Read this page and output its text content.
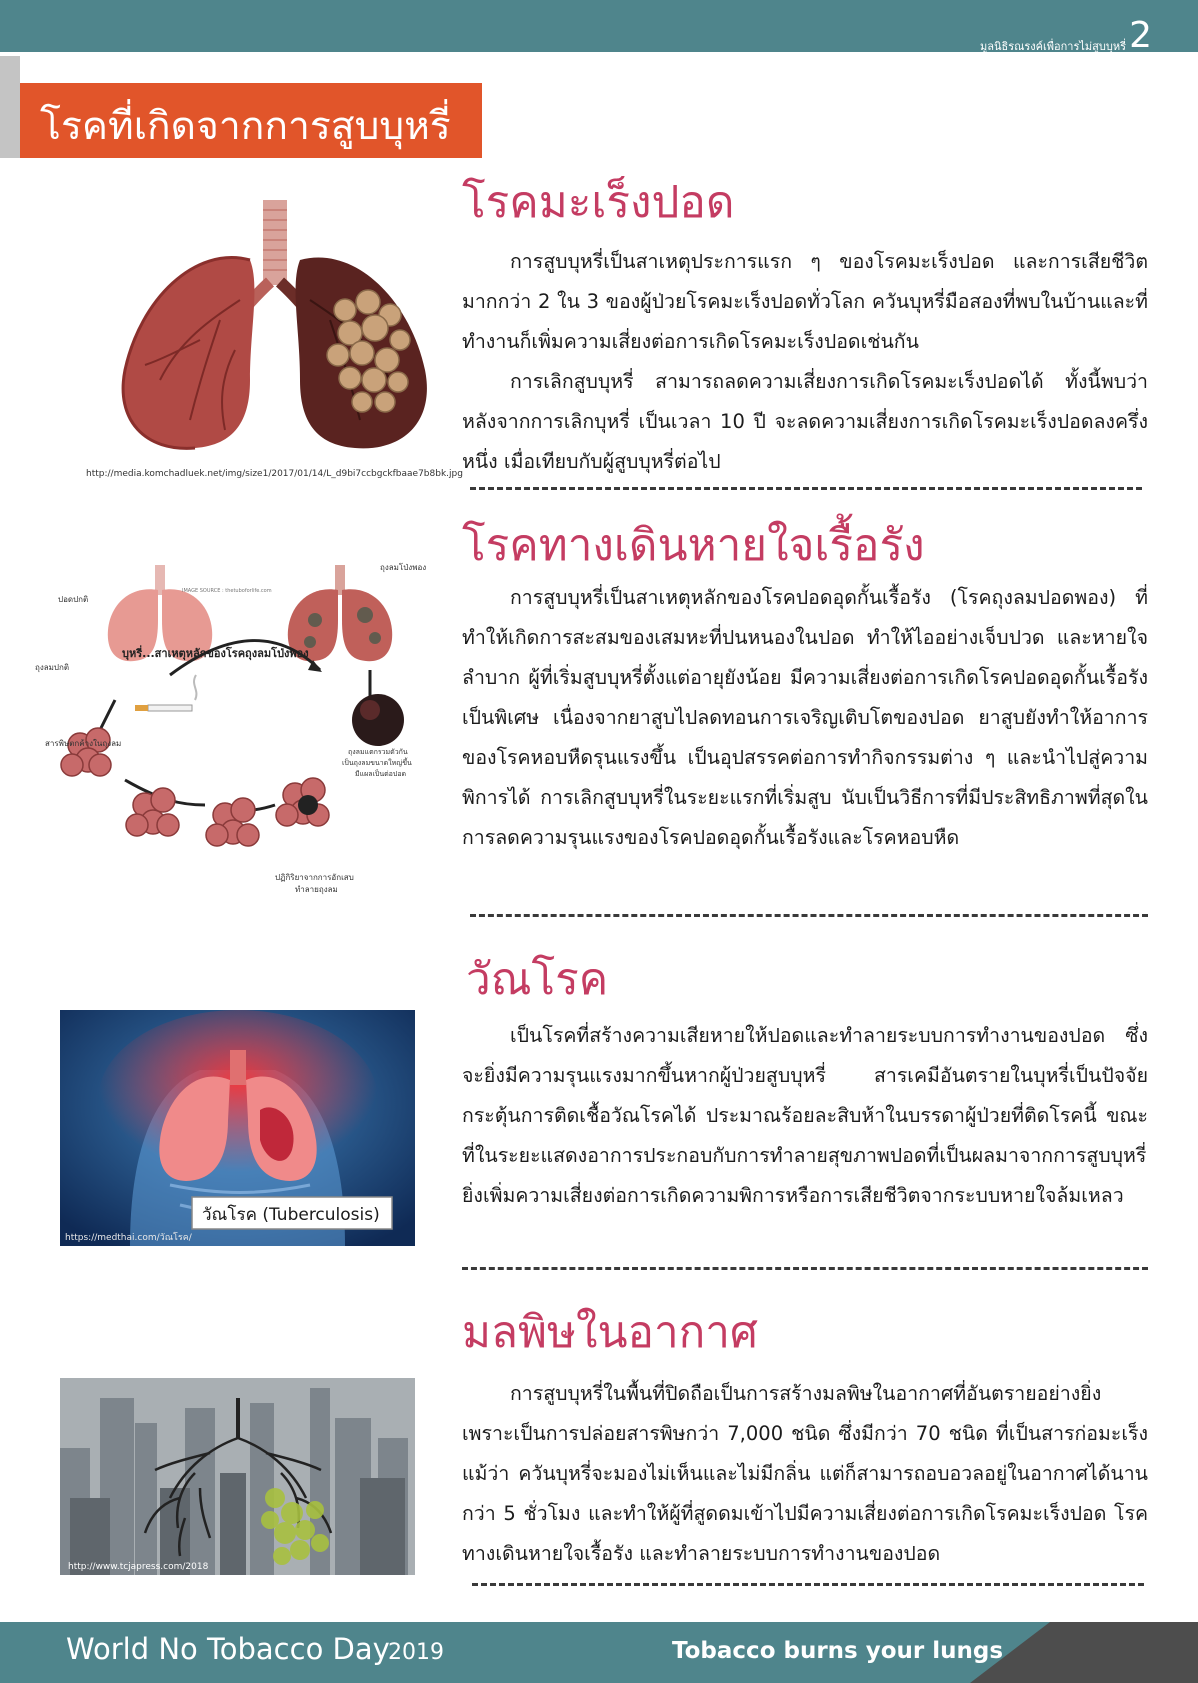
มูลนิธิรณรงค์เพื่อการไม่สูบบุหรี่ 2
โรคที่เกิดจากการสูบบุหรี่
http://media.komchadluek.net/img/size1/2017/01/14/L_d9bi7ccbgckfbaae7b8bk.jpg
โรคมะเร็งปอด

การสูบบุหรี่เป็นสาเหตุประการแรก ๆ ของโรคมะเร็งปอด และการเสียชีวิตมากกว่า 2 ใน 3 ของผู้ป่วยโรคมะเร็งปอดทั่วโลก ควันบุหรี่มือสองที่พบในบ้านและที่ทำงานก็เพิ่มความเสี่ยงต่อการเกิดโรคมะเร็งปอดเช่นกัน

การเลิกสูบบุหรี่ สามารถลดความเสี่ยงการเกิดโรคมะเร็งปอดได้ ทั้งนี้พบว่าหลังจากการเลิกบุหรี่ เป็นเวลา 10 ปี จะลดความเสี่ยงการเกิดโรคมะเร็งปอดลงครึ่งหนึ่ง เมื่อเทียบกับผู้สูบบุหรี่ต่อไป

IMAGE SOURCE : thetuboforlife.com
บุหรี่...สาเหตุหลักของโรคถุงลมโป่งพอง
ปอดปกติ
ถุงลมโป่งพอง
ถุงลมปกติ
สารพิษตกค้างในถุงลม
ปฏิกิริยาจากการอักเสบ
ทำลายถุงลม
ถุงลมแตกรวมตัวกัน
เป็นถุงลมขนาดใหญ่ขึ้น
มีแผลเป็นต่อปอด
โรคทางเดินหายใจเรื้อรัง

การสูบบุหรี่เป็นสาเหตุหลักของโรคปอดอุดกั้นเรื้อรัง (โรคถุงลมปอดพอง) ที่ทำให้เกิดการสะสมของเสมหะที่ปนหนองในปอด ทำให้ไออย่างเจ็บปวด และหายใจลำบาก ผู้ที่เริ่มสูบบุหรี่ตั้งแต่อายุยังน้อย มีความเสี่ยงต่อการเกิดโรคปอดอุดกั้นเรื้อรังเป็นพิเศษ เนื่องจากยาสูบไปลดทอนการเจริญเติบโตของปอด ยาสูบยังทำให้อาการของโรคหอบหืดรุนแรงขึ้น เป็นอุปสรรคต่อการทำกิจกรรมต่าง ๆ และนำไปสู่ความพิการได้ การเลิกสูบบุหรี่ในระยะแรกที่เริ่มสูบ นับเป็นวิธีการที่มีประสิทธิภาพที่สุดในการลดความรุนแรงของโรคปอดอุดกั้นเรื้อรังและโรคหอบหืด

วัณโรค (Tuberculosis)
https://medthai.com/วัณโรค/
วัณโรค

เป็นโรคที่สร้างความเสียหายให้ปอดและทำลายระบบการทำงานของปอด ซึ่งจะยิ่งมีความรุนแรงมากขึ้นหากผู้ป่วยสูบบุหรี่ สารเคมีอันตรายในบุหรี่เป็นปัจจัยกระตุ้นการติดเชื้อวัณโรคได้ ประมาณร้อยละสิบห้าในบรรดาผู้ป่วยที่ติดโรคนี้ ขณะที่ในระยะแสดงอาการประกอบกับการทำลายสุขภาพปอดที่เป็นผลมาจากการสูบบุหรี่ ยิ่งเพิ่มความเสี่ยงต่อการเกิดความพิการหรือการเสียชีวิตจากระบบหายใจล้มเหลว

http://www.tcjapress.com/2018
มลพิษในอากาศ

การสูบบุหรี่ในพื้นที่ปิดถือเป็นการสร้างมลพิษในอากาศที่อันตรายอย่างยิ่ง เพราะเป็นการปล่อยสารพิษกว่า 7,000 ชนิด ซึ่งมีกว่า 70 ชนิด ที่เป็นสารก่อมะเร็ง แม้ว่า ควันบุหรี่จะมองไม่เห็นและไม่มีกลิ่น แต่ก็สามารถอบอวลอยู่ในอากาศได้นานกว่า 5 ชั่วโมง และทำให้ผู้ที่สูดดมเข้าไปมีความเสี่ยงต่อการเกิดโรคมะเร็งปอด โรคทางเดินหายใจเรื้อรัง และทำลายระบบการทำงานของปอด

World No Tobacco Day
2019	Tobacco burns your lungs
